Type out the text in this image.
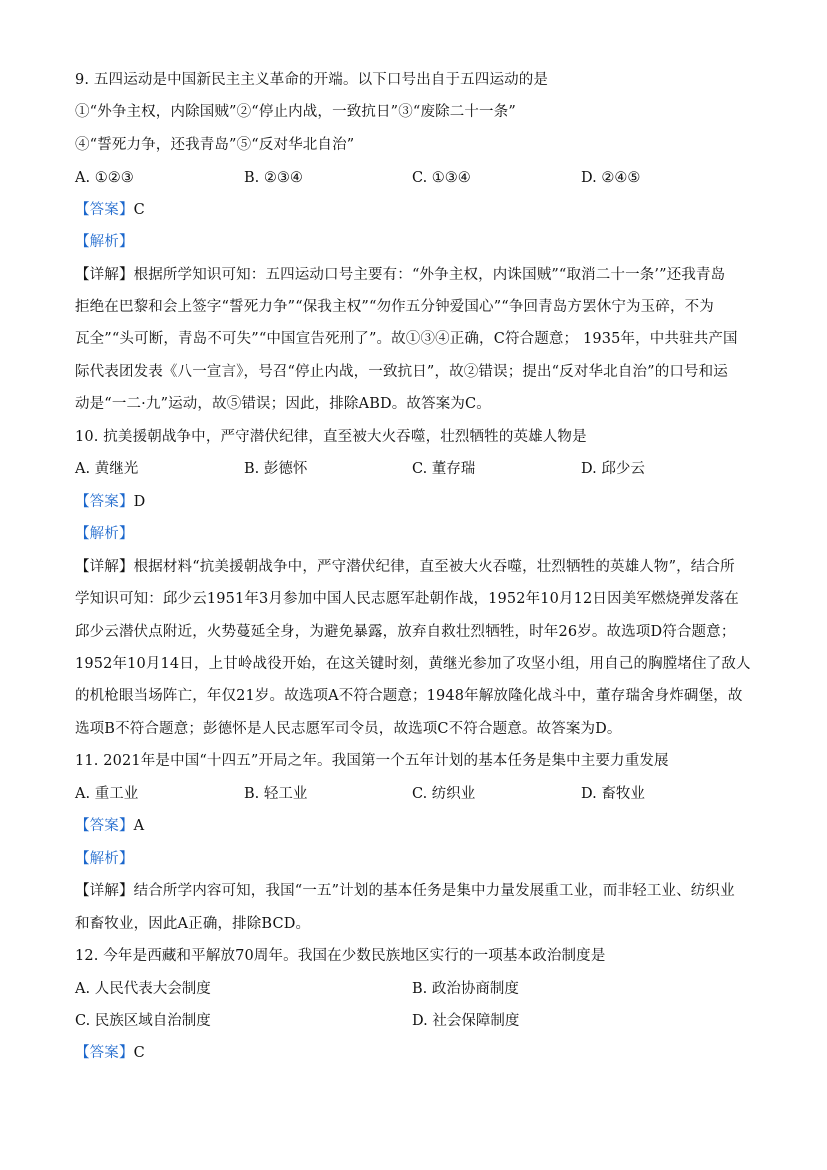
9. 五四运动是中国新民主主义革命的开端。以下口号出自于五四运动的是
①“外争主权，内除国贼”②“停止内战，一致抗日”③“废除二十一条”
④“誓死力争，还我青岛”⑤“反对华北自治”
A. ①②③	B. ②③④	C. ①③④	D. ②④⑤
【答案】C
【解析】
【详解】根据所学知识可知：五四运动口号主要有：“外争主权，内诛国贼”“取消二十一条’”还我青岛
拒绝在巴黎和会上签字“誓死力争”“保我主权”“勿作五分钟爱国心”“争回青岛方罢休宁为玉碎，不为
瓦全”“头可断，青岛不可失”“中国宣告死刑了”。故①③④正确，C符合题意； 1935年，中共驻共产国
际代表团发表《八一宣言》，号召“停止内战，一致抗日”，故②错误；提出“反对华北自治”的口号和运
动是“一二·九”运动，故⑤错误；因此，排除ABD。故答案为C。
10. 抗美援朝战争中，严守潜伏纪律，直至被大火吞噬，壮烈牺牲的英雄人物是
A. 黄继光	B. 彭德怀	C. 董存瑞	D. 邱少云
【答案】D
【解析】
【详解】根据材料“抗美援朝战争中，严守潜伏纪律，直至被大火吞噬，壮烈牺牲的英雄人物”，结合所
学知识可知：邱少云1951年3月参加中国人民志愿军赴朝作战，1952年10月12日因美军燃烧弹发落在
邱少云潜伏点附近，火势蔓延全身，为避免暴露，放弃自救壮烈牺牲，时年26岁。故选项D符合题意；
1952年10月14日，上甘岭战役开始，在这关键时刻，黄继光参加了攻坚小组，用自己的胸膛堵住了敌人
的机枪眼当场阵亡，年仅21岁。故选项A不符合题意；1948年解放隆化战斗中，董存瑞舍身炸碉堡，故
选项B不符合题意；彭德怀是人民志愿军司令员，故选项C不符合题意。故答案为D。
11. 2021年是中国“十四五”开局之年。我国第一个五年计划的基本任务是集中主要力重发展
A. 重工业	B. 轻工业	C. 纺织业	D. 畜牧业
【答案】A
【解析】
【详解】结合所学内容可知，我国“一五”计划的基本任务是集中力量发展重工业，而非轻工业、纺织业
和畜牧业，因此A正确，排除BCD。
12. 今年是西藏和平解放70周年。我国在少数民族地区实行的一项基本政治制度是
A. 人民代表大会制度	B. 政治协商制度
C. 民族区域自治制度	D. 社会保障制度
【答案】C
